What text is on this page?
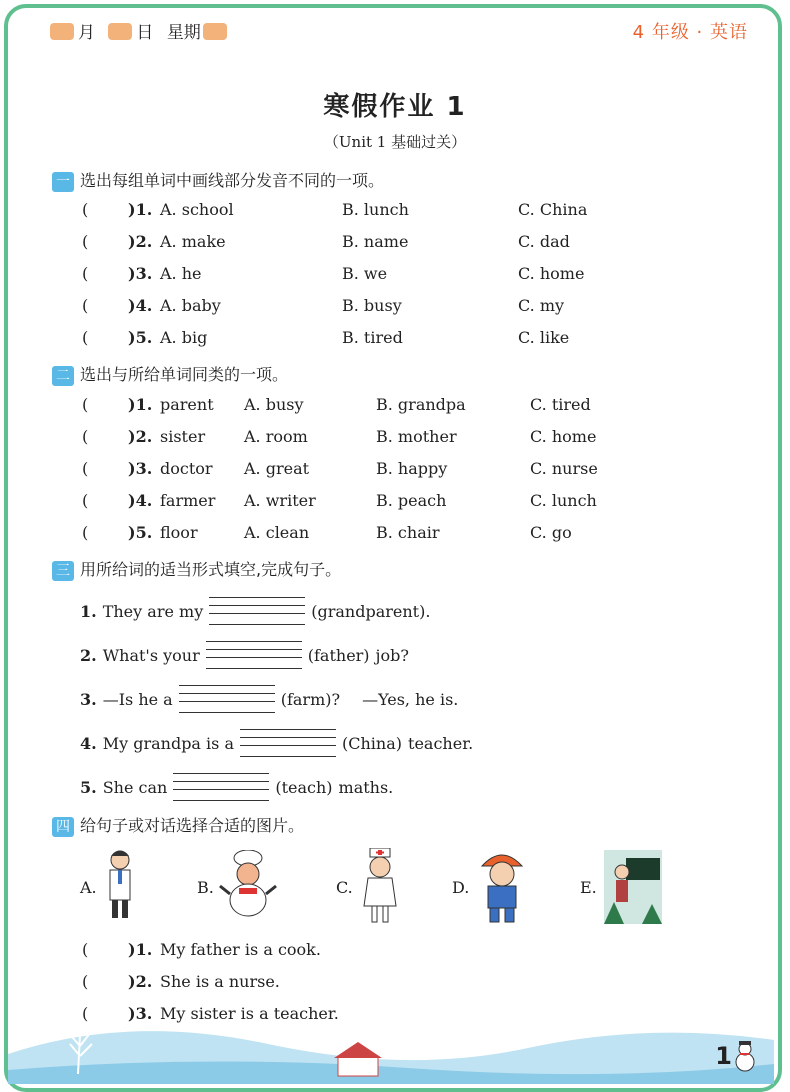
月 日 星期	4 年级 · 英语
寒假作业 1
（Unit 1 基础过关）
一 选出每组单词中画线部分发音不同的一项。
( )1. A. school	B. lunch	C. China
( )2. A. make	B. name	C. dad
( )3. A. he	B. we	C. home
( )4. A. baby	B. busy	C. my
( )5. A. big	B. tired	C. like
二 选出与所给单词同类的一项。
( )1. parent A. busy	B. grandpa	C. tired
( )2. sister A. room	B. mother	C. home
( )3. doctor A. great	B. happy	C. nurse
( )4. farmer A. writer	B. peach	C. lunch
( )5. floor	A. clean	B. chair	C. go
三 用所给词的适当形式填空,完成句子。
1. They are my	(grandparent).
2. What's your	(father) job?
3. —Is he a	(farm)? —Yes, he is.
4. My grandpa is a	(China) teacher.
5. She can	(teach) maths.
四 给句子或对话选择合适的图片。
A.	B.	C.	D.	E.
( )1. My father is a cook.
( )2. She is a nurse.
( )3. My sister is a teacher.
1
